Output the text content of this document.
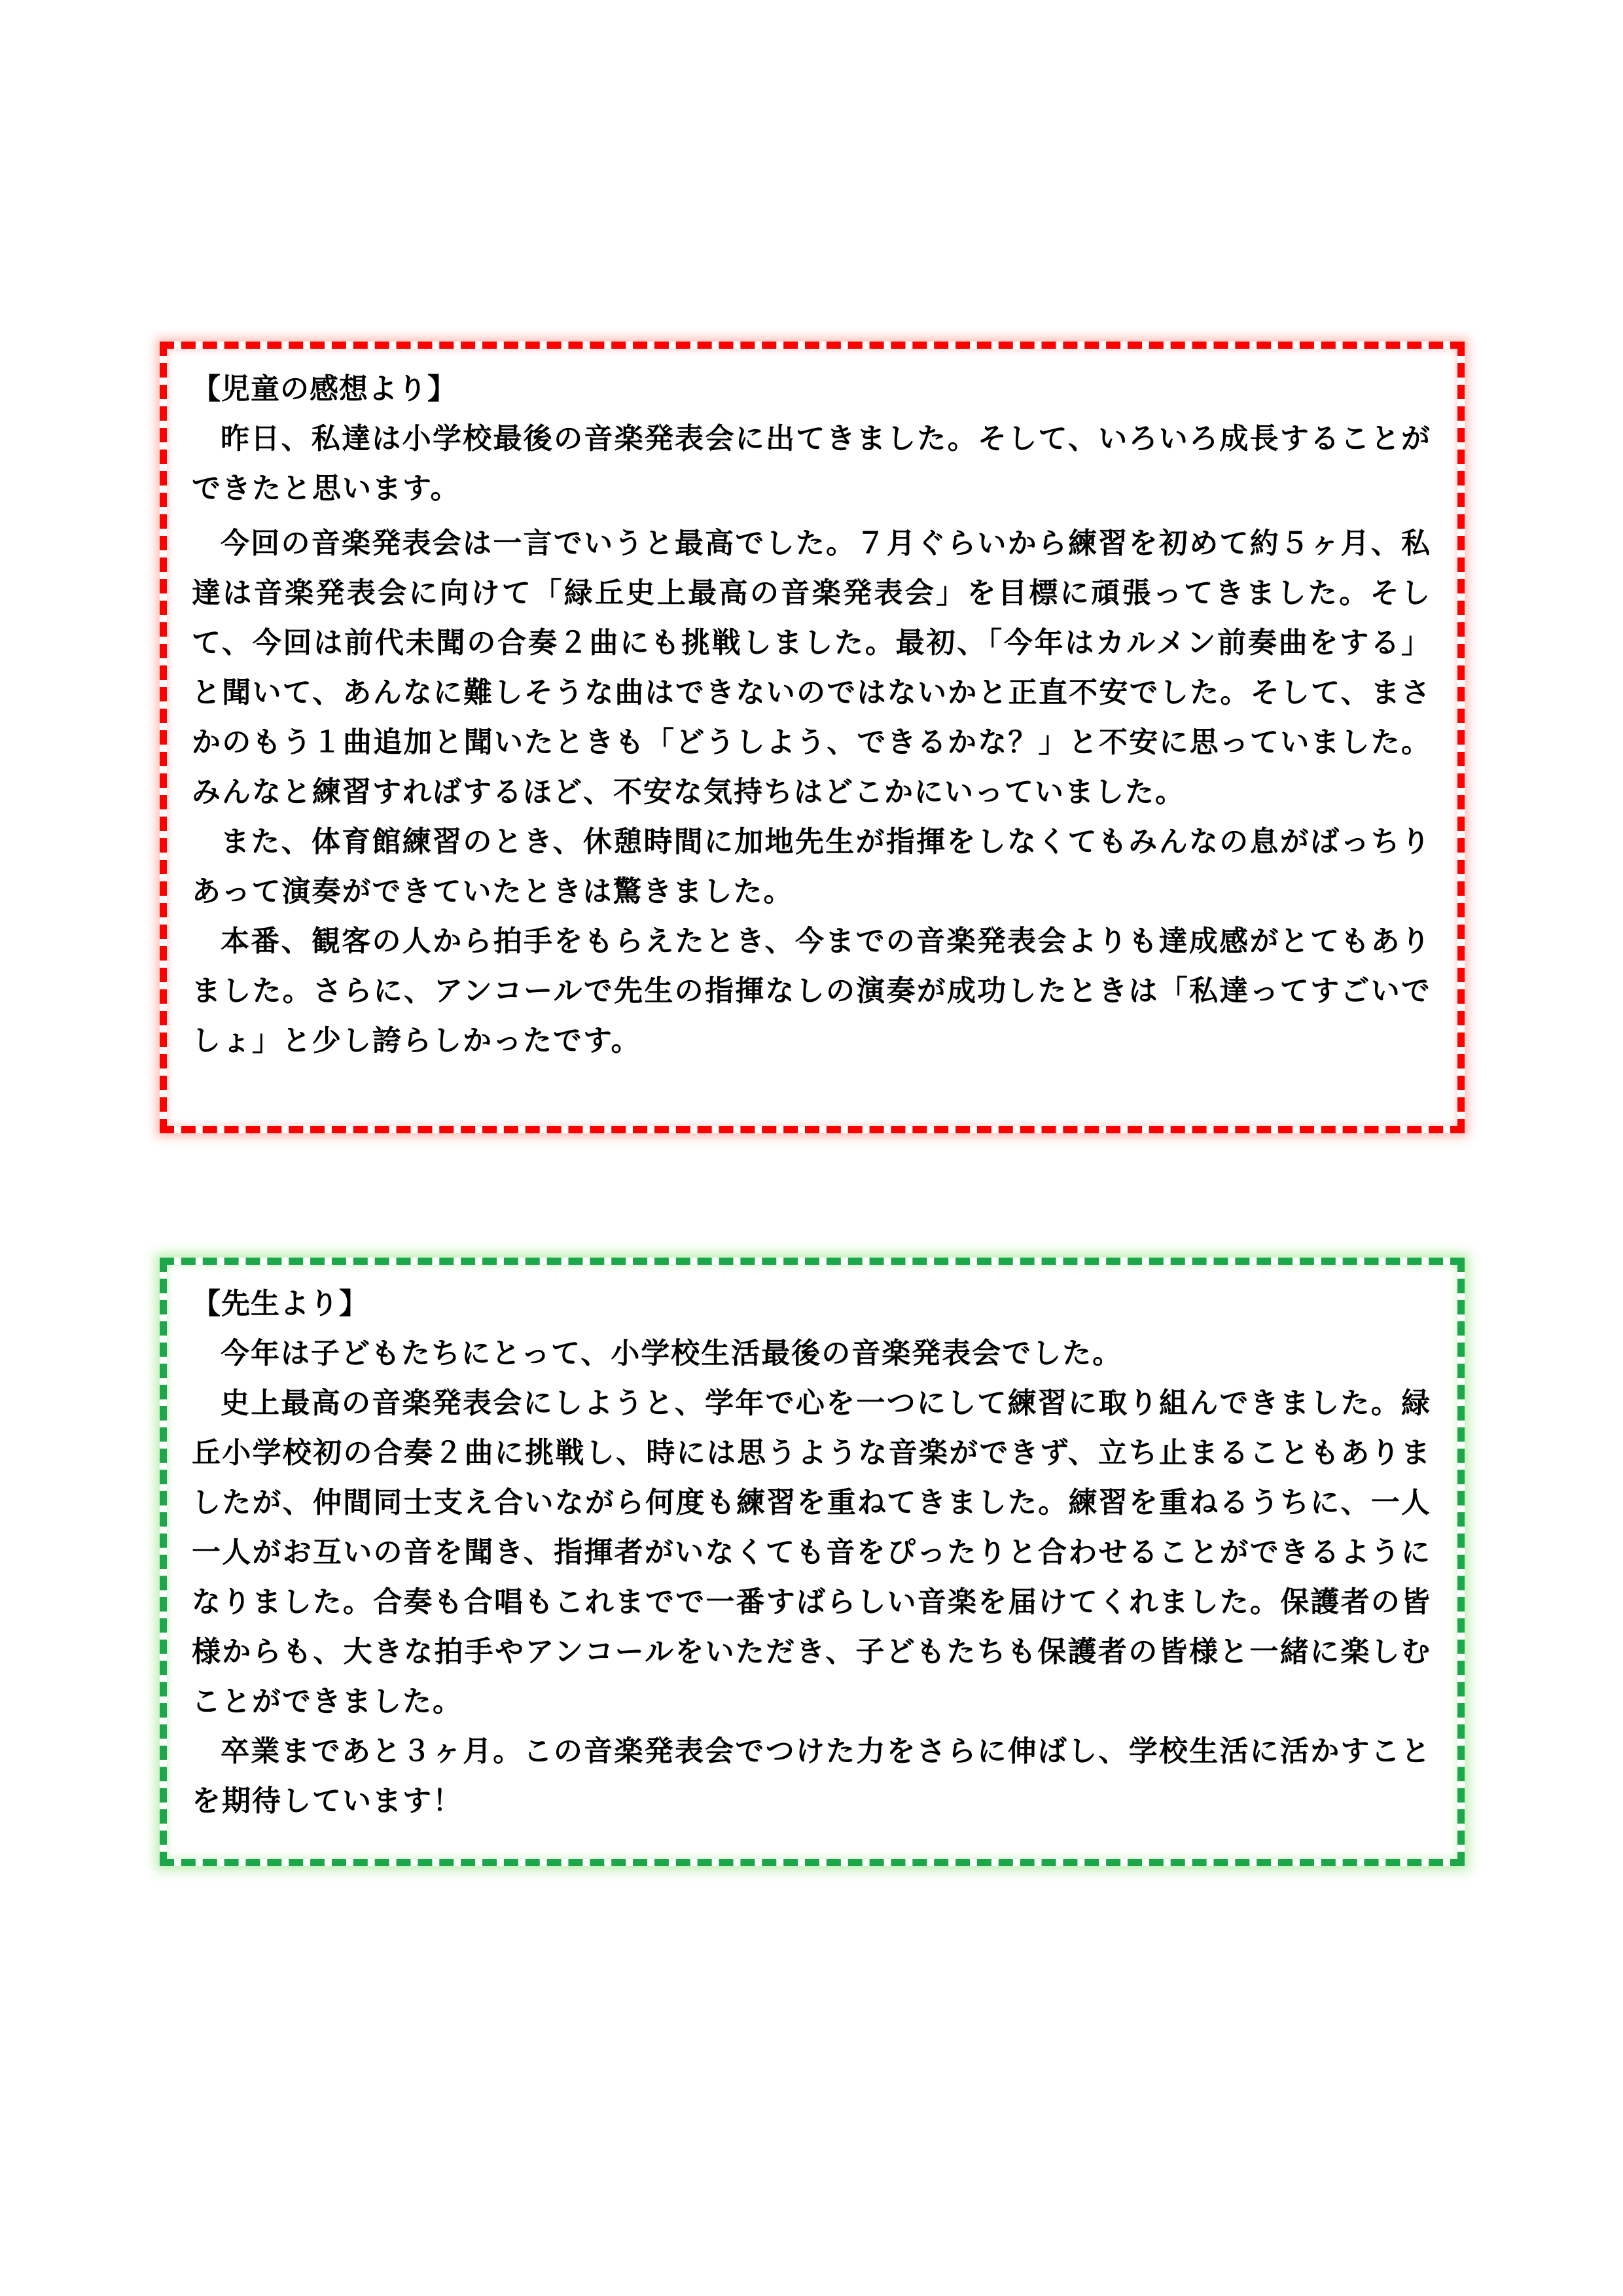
【児童の感想より】

昨日、私達は小学校最後の音楽発表会に出てきました。そして、いろいろ成長することができたと思います。

今回の音楽発表会は一言でいうと最高でした。７月ぐらいから練習を初めて約５ヶ月、私達は音楽発表会に向けて「緑丘史上最高の音楽発表会」を目標に頑張ってきました。そして、今回は前代未聞の合奏２曲にも挑戦しました。最初、「今年はカルメン前奏曲をする」と聞いて、あんなに難しそうな曲はできないのではないかと正直不安でした。そして、まさかのもう１曲追加と聞いたときも「どうしよう、できるかな？」と不安に思っていました。みんなと練習すればするほど、不安な気持ちはどこかにいっていました。

また、体育館練習のとき、休憩時間に加地先生が指揮をしなくてもみんなの息がばっちりあって演奏ができていたときは驚きました。

本番、観客の人から拍手をもらえたとき、今までの音楽発表会よりも達成感がとてもありました。さらに、アンコールで先生の指揮なしの演奏が成功したときは「私達ってすごいでしょ」と少し誇らしかったです。

【先生より】

今年は子どもたちにとって、小学校生活最後の音楽発表会でした。

史上最高の音楽発表会にしようと、学年で心を一つにして練習に取り組んできました。緑丘小学校初の合奏２曲に挑戦し、時には思うような音楽ができず、立ち止まることもありましたが、仲間同士支え合いながら何度も練習を重ねてきました。練習を重ねるうちに、一人一人がお互いの音を聞き、指揮者がいなくても音をぴったりと合わせることができるようになりました。合奏も合唱もこれまでで一番すばらしい音楽を届けてくれました。保護者の皆様からも、大きな拍手やアンコールをいただき、子どもたちも保護者の皆様と一緒に楽しむことができました。

卒業まであと３ヶ月。この音楽発表会でつけた力をさらに伸ばし、学校生活に活かすことを期待しています！
